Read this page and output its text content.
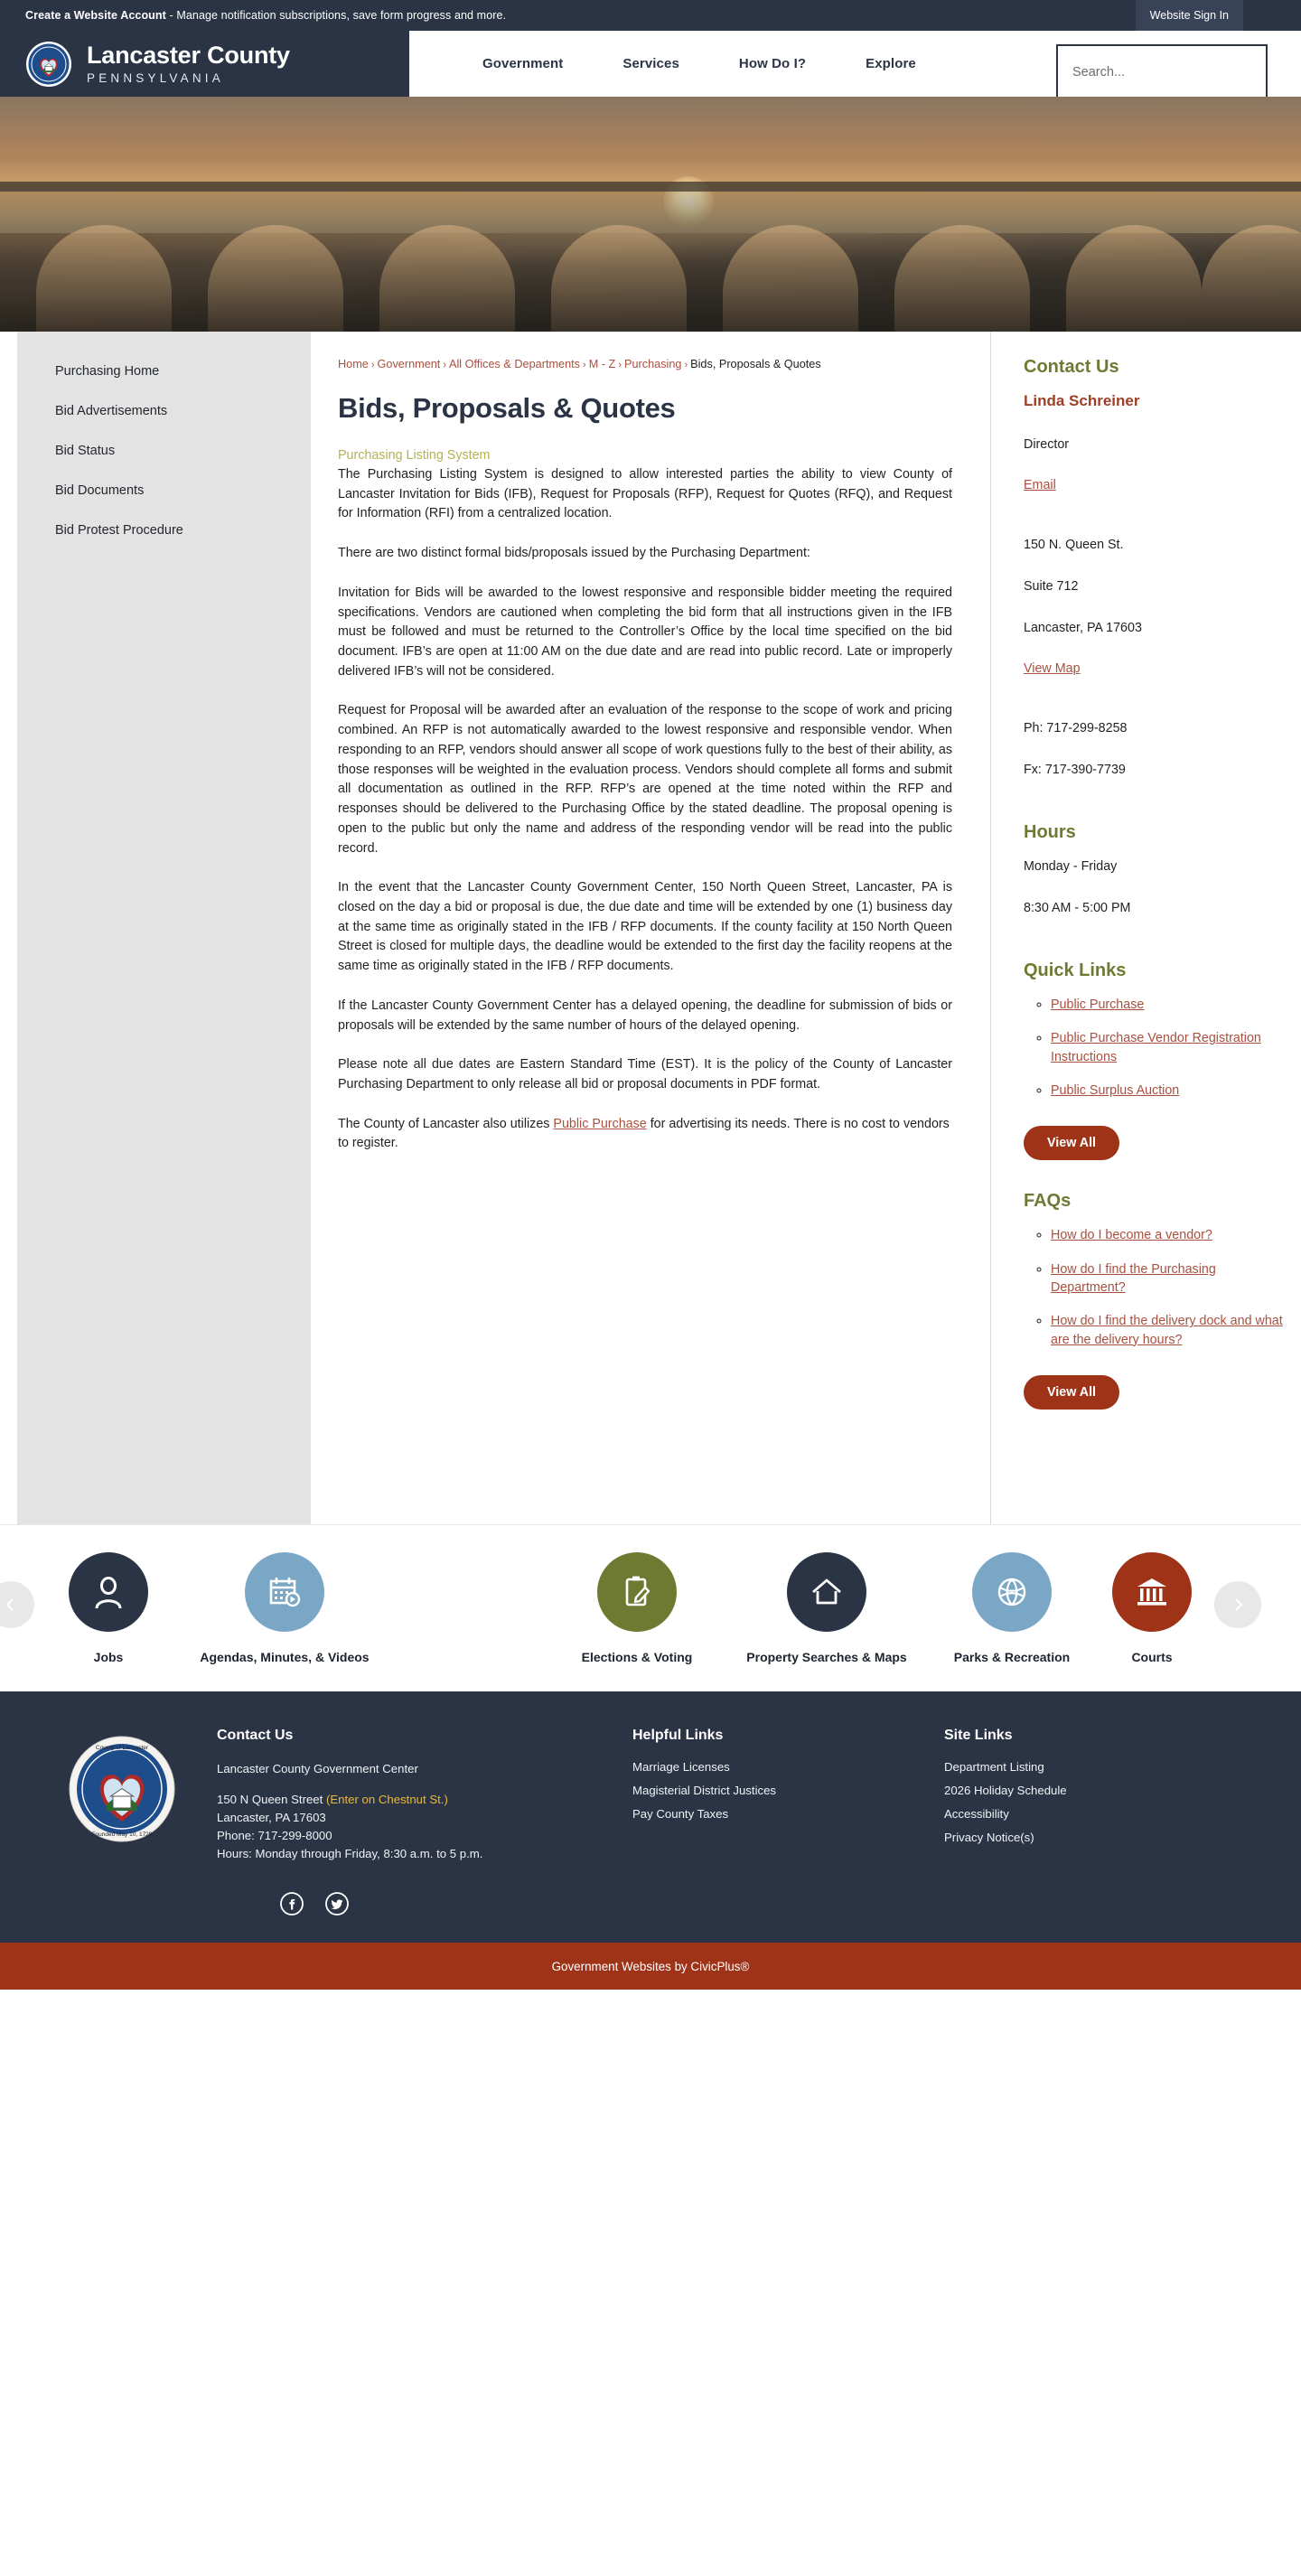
Create a Website Account - Manage notification subscriptions, save form progress and more.	Website Sign In
Lancaster County
PENNSYLVANIA
Government	Services	How Do I?	Explore
Search...
Purchasing Home
Bid Advertisements
Bid Status
Bid Documents
Bid Protest Procedure
Home › Government › All Offices & Departments › M - Z › Purchasing › Bids, Proposals & Quotes
Bids, Proposals & Quotes
Purchasing Listing System

The Purchasing Listing System is designed to allow interested parties the ability to view County of Lancaster Invitation for Bids (IFB), Request for Proposals (RFP), Request for Quotes (RFQ), and Request for Information (RFI) from a centralized location.

There are two distinct formal bids/proposals issued by the Purchasing Department:

Invitation for Bids will be awarded to the lowest responsive and responsible bidder meeting the required specifications. Vendors are cautioned when completing the bid form that all instructions given in the IFB must be followed and must be returned to the Controller’s Office by the local time specified on the bid document. IFB’s are open at 11:00 AM on the due date and are read into public record. Late or improperly delivered IFB’s will not be considered.

Request for Proposal will be awarded after an evaluation of the response to the scope of work and pricing combined. An RFP is not automatically awarded to the lowest responsive and responsible vendor. When responding to an RFP, vendors should answer all scope of work questions fully to the best of their ability, as those responses will be weighted in the evaluation process. Vendors should complete all forms and submit all documentation as outlined in the RFP. RFP’s are opened at the time noted within the RFP and responses should be delivered to the Purchasing Office by the stated deadline. The proposal opening is open to the public but only the name and address of the responding vendor will be read into the public record.

In the event that the Lancaster County Government Center, 150 North Queen Street, Lancaster, PA is closed on the day a bid or proposal is due, the due date and time will be extended by one (1) business day at the same time as originally stated in the IFB / RFP documents. If the county facility at 150 North Queen Street is closed for multiple days, the deadline would be extended to the first day the facility reopens at the same time as originally stated in the IFB / RFP documents.

If the Lancaster County Government Center has a delayed opening, the deadline for submission of bids or proposals will be extended by the same number of hours of the delayed opening.

Please note all due dates are Eastern Standard Time (EST). It is the policy of the County of Lancaster Purchasing Department to only release all bid or proposal documents in PDF format.

The County of Lancaster also utilizes Public Purchase for advertising its needs. There is no cost to vendors to register.

Contact Us
Linda Schreiner
Director
Email
150 N. Queen St.
Suite 712
Lancaster, PA 17603
View Map
Ph: 717-299-8258
Fx: 717-390-7739
Hours
Monday - Friday
8:30 AM - 5:00 PM
Quick Links
◦ Public Purchase
◦ Public Purchase Vendor Registration Instructions
◦ Public Surplus Auction
View All
FAQs
◦ How do I become a vendor?
◦ How do I find the Purchasing Department?
◦ How do I find the delivery dock and what are the delivery hours?
View All
Jobs	Agendas, Minutes, & Videos	Elections & Voting	Property Searches & Maps	Parks & Recreation	Courts
County of Lancaster
Founded May 10, 1729
Contact Us
Lancaster County Government Center
150 N Queen Street (Enter on Chestnut St.)
Lancaster, PA 17603
Phone: 717-299-8000
Hours: Monday through Friday, 8:30 a.m. to 5 p.m.
Helpful Links
Marriage Licenses
Magisterial District Justices
Pay County Taxes
Site Links
Department Listing
2026 Holiday Schedule
Accessibility
Privacy Notice(s)
Government Websites by CivicPlus®
